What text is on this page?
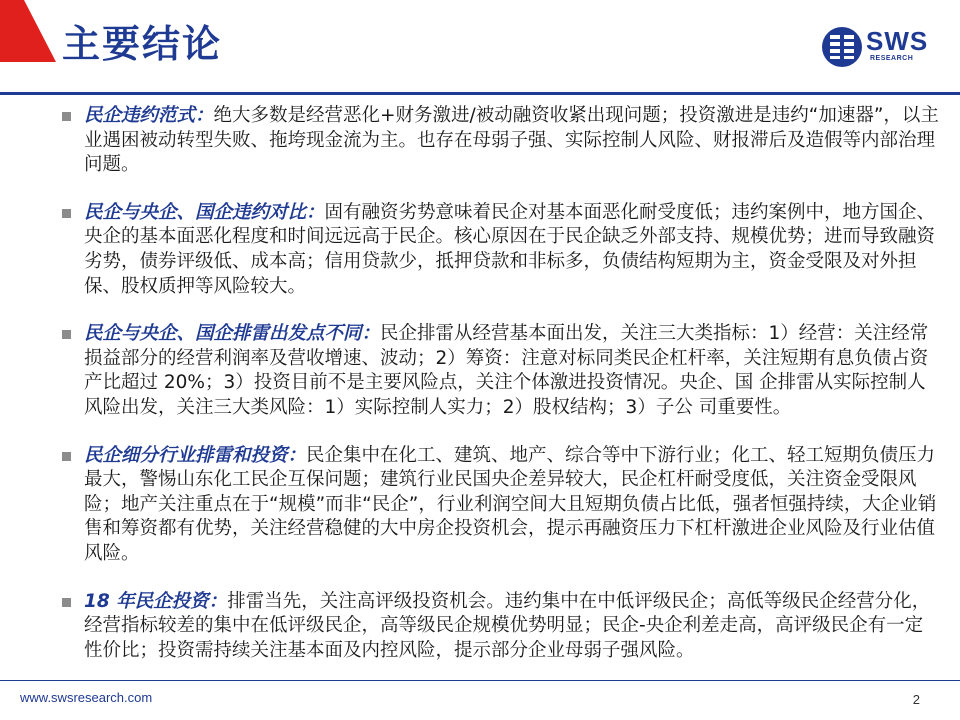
主要结论	SWS
RESEARCH
民企违约范式：绝大多数是经营恶化+财务激进/被动融资收紧出现问题；投资激进是违约“加速器”，以主业遇困被动转型失败、拖垮现金流为主。也存在母弱子强、实际控制人风险、财报滞后及造假等内部治理问题。
民企与央企、国企违约对比：固有融资劣势意味着民企对基本面恶化耐受度低；违约案例中，地方国企、央企的基本面恶化程度和时间远远高于民企。核心原因在于民企缺乏外部支持、规模优势；进而导致融资劣势，债券评级低、成本高；信用贷款少，抵押贷款和非标多，负债结构短期为主，资金受限及对外担保、股权质押等风险较大。
民企与央企、国企排雷出发点不同：民企排雷从经营基本面出发，关注三大类指标：1）经营：关注经常损益部分的经营利润率及营收增速、波动；2）筹资：注意对标同类民企杠杆率，关注短期有息负债占资产比超过 20%；3）投资目前不是主要风险点，关注个体激进投资情况。央企、国 企排雷从实际控制人风险出发，关注三大类风险：1）实际控制人实力；2）股权结构；3）子公 司重要性。
民企细分行业排雷和投资：民企集中在化工、建筑、地产、综合等中下游行业；化工、轻工短期负债压力最大，警惕山东化工民企互保问题；建筑行业民国央企差异较大，民企杠杆耐受度低，关注资金受限风险；地产关注重点在于“规模”而非“民企”，行业利润空间大且短期负债占比低，强者恒强持续，大企业销售和筹资都有优势，关注经营稳健的大中房企投资机会，提示再融资压力下杠杆激进企业风险及行业估值风险。
18 年民企投资：排雷当先，关注高评级投资机会。违约集中在中低评级民企；高低等级民企经营分化，经营指标较差的集中在低评级民企，高等级民企规模优势明显；民企-央企利差走高，高评级民企有一定性价比；投资需持续关注基本面及内控风险，提示部分企业母弱子强风险。
www.swsresearch.com	2
